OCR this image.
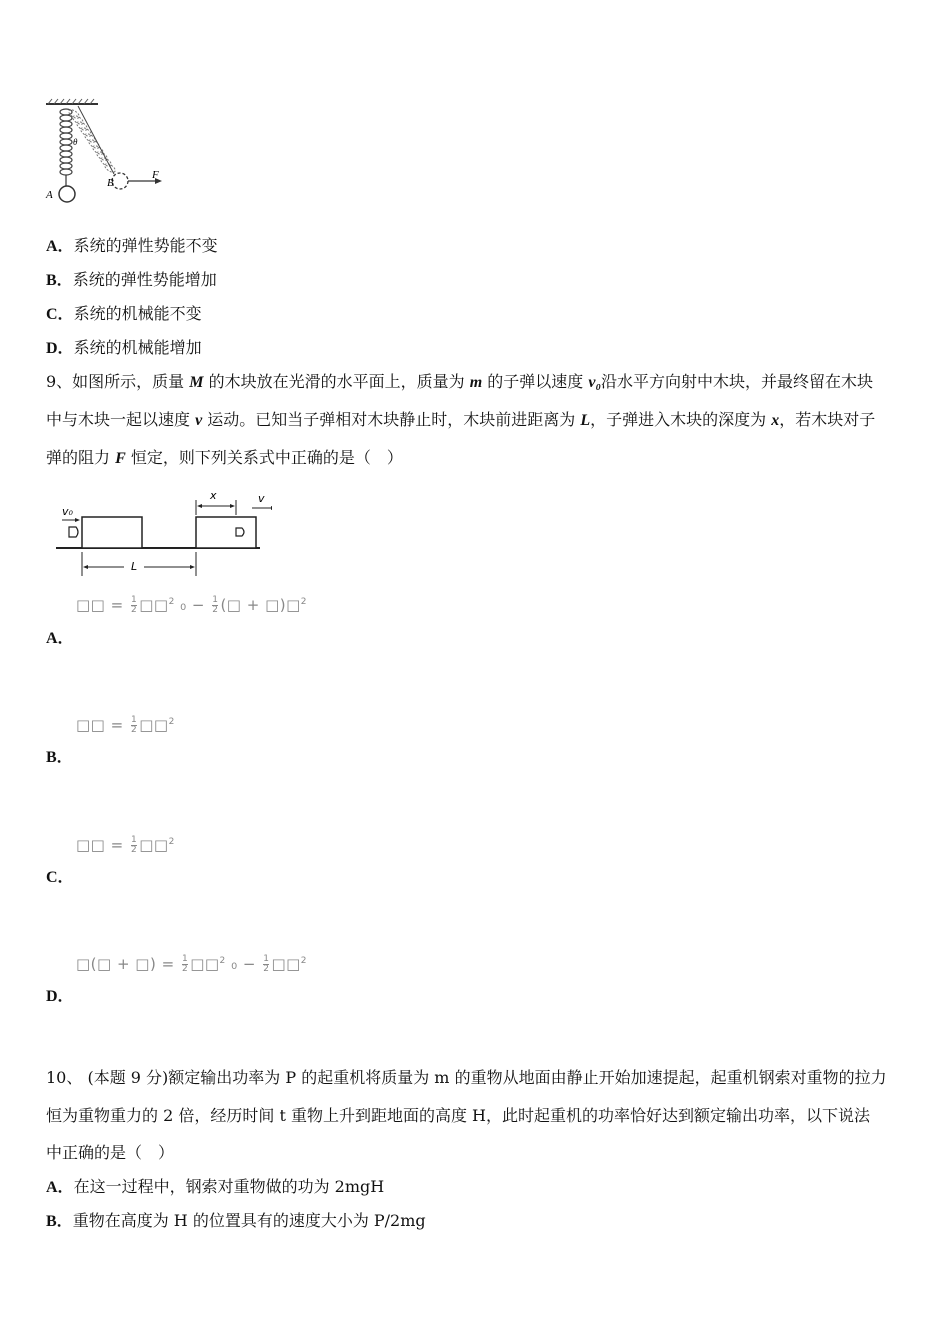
F
B
A
θ
A．系统的弹性势能不变
B．系统的弹性势能增加
C．系统的机械能不变
D．系统的机械能增加
9、如图所示，质量 M 的木块放在光滑的水平面上，质量为 m 的子弹以速度 v₀沿水平方向射中木块，并最终留在木块
中与木块一起以速度 v 运动。已知当子弹相对木块静止时，木块前进距离为 L，子弹进入木块的深度为 x，若木块对子
弹的阻力 F 恒定，则下列关系式中正确的是（　）
v₀
x	v
L
□□ = $\frac{1}{2}$ □□$^2$ $_0 - \frac{1}{2}$ (□ + □)□$^2$
A．
□□ = $\frac{1}{2}$ □□$^2$
B．
□□ = $\frac{1}{2}$ □□$^2$
C．
□(□ + □) = $\frac{1}{2}$ □□$^2$ $_0 - \frac{1}{2}$ □□$^2$
D．
10、 (本题 9 分)额定输出功率为 P 的起重机将质量为 m 的重物从地面由静止开始加速提起，起重机钢索对重物的拉力
恒为重物重力的 2 倍，经历时间 t 重物上升到距地面的高度 H，此时起重机的功率恰好达到额定输出功率，以下说法
中正确的是（　）
A．在这一过程中，钢索对重物做的功为 2mgH
B．重物在高度为 H 的位置具有的速度大小为 P/2mg
